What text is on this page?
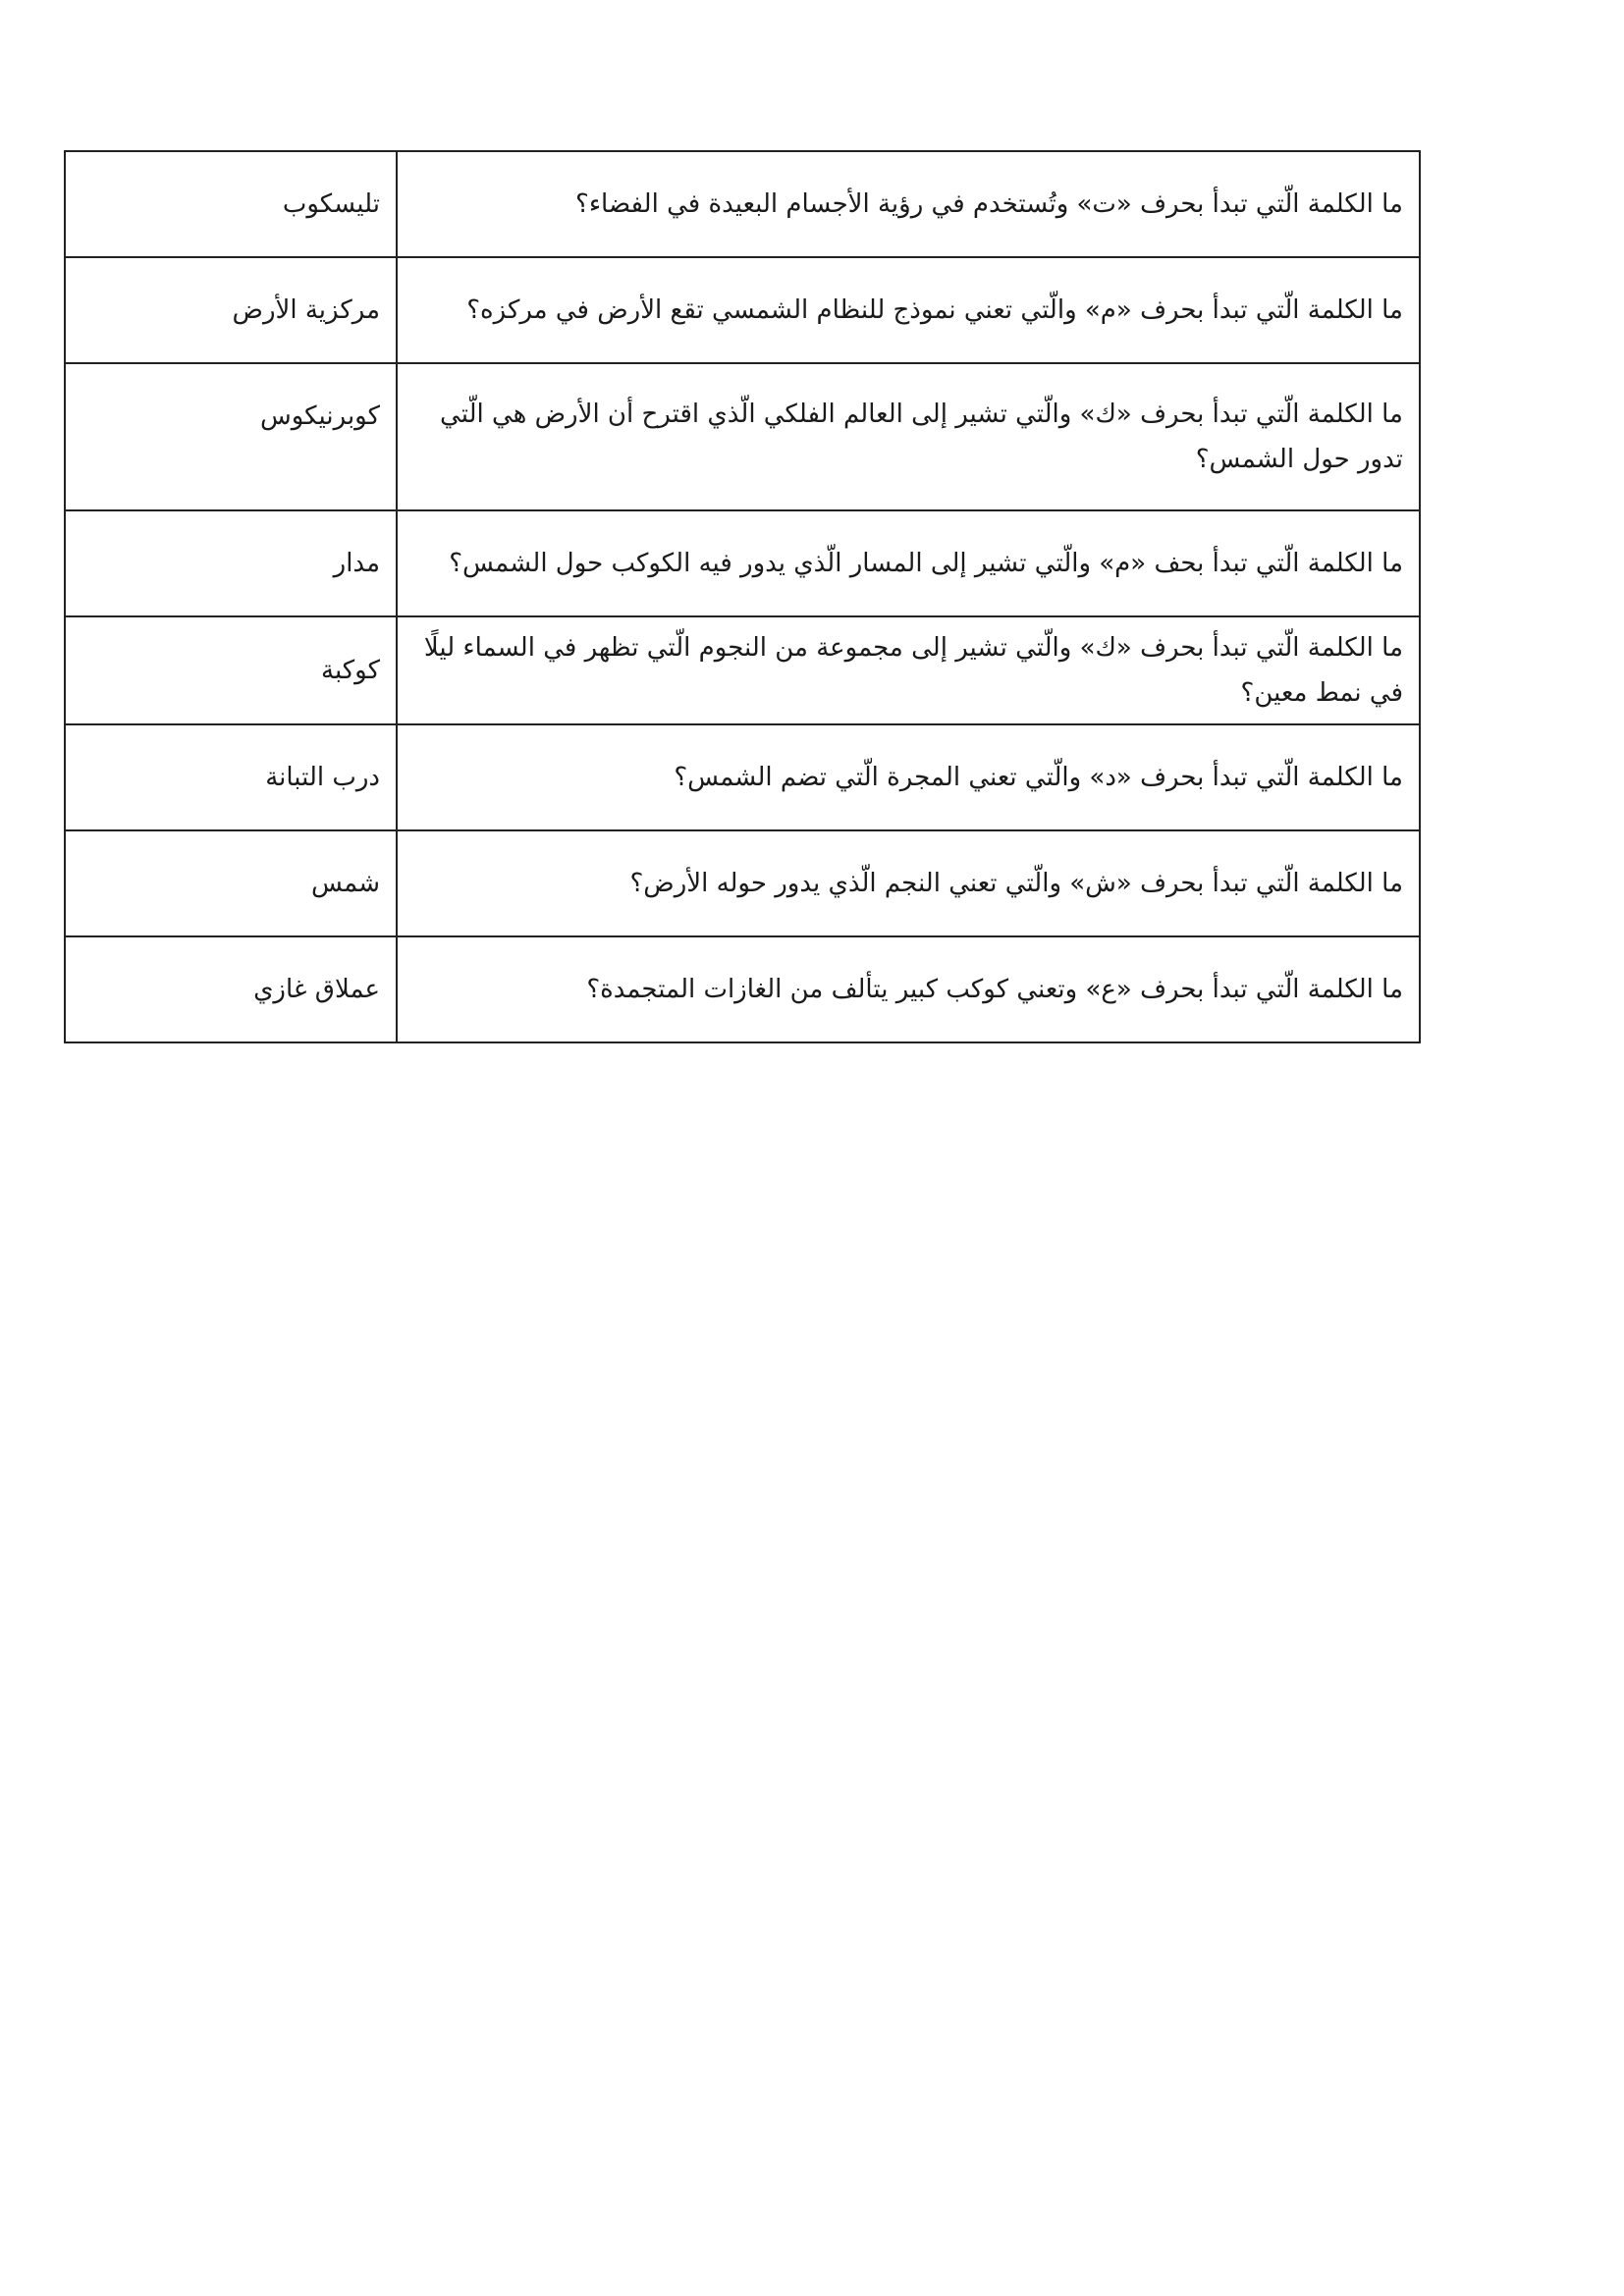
ما الكلمة الّتي تبدأ بحرف «ت» وتُستخدم في رؤية الأجسام البعيدة في الفضاء؟	تليسكوب
ما الكلمة الّتي تبدأ بحرف «م» والّتي تعني نموذج للنظام الشمسي تقع الأرض في مركزه؟	مركزية الأرض
ما الكلمة الّتي تبدأ بحرف «ك» والّتي تشير إلى العالم الفلكي الّذي اقترح أن الأرض هي الّتي تدور حول الشمس؟	كوبرنيكوس
ما الكلمة الّتي تبدأ بحف «م» والّتي تشير إلى المسار الّذي يدور فيه الكوكب حول الشمس؟	مدار
ما الكلمة الّتي تبدأ بحرف «ك» والّتي تشير إلى مجموعة من النجوم الّتي تظهر في السماء ليلًا في نمط معين؟	كوكبة
ما الكلمة الّتي تبدأ بحرف «د» والّتي تعني المجرة الّتي تضم الشمس؟	درب التبانة
ما الكلمة الّتي تبدأ بحرف «ش» والّتي تعني النجم الّذي يدور حوله الأرض؟	شمس
ما الكلمة الّتي تبدأ بحرف «ع» وتعني كوكب كبير يتألف من الغازات المتجمدة؟	عملاق غازي
